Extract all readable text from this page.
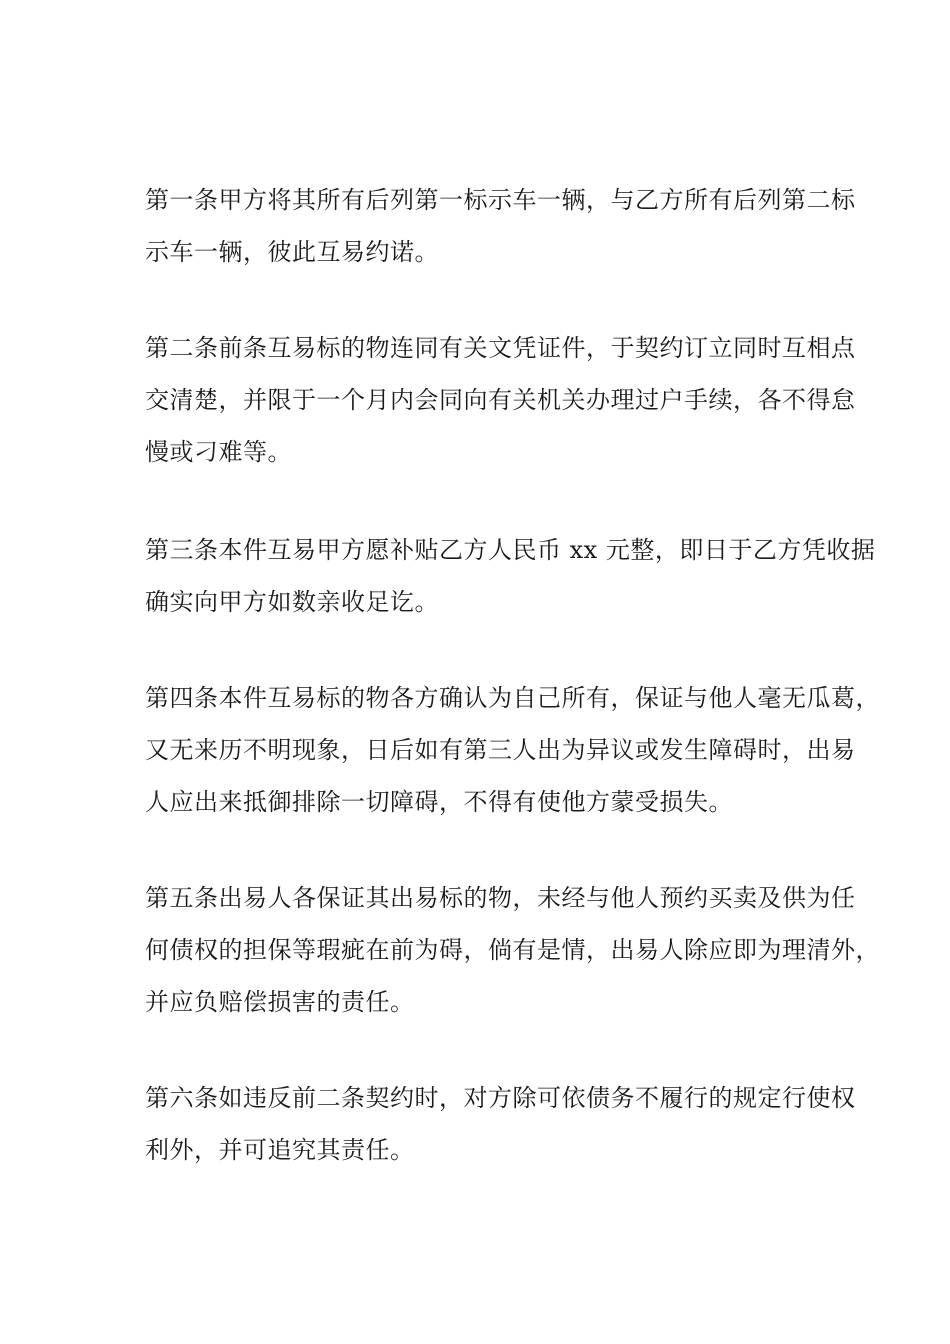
第一条甲方将其所有后列第一标示车一辆，与乙方所有后列第二标
示车一辆，彼此互易约诺。

第二条前条互易标的物连同有关文凭证件，于契约订立同时互相点
交清楚，并限于一个月内会同向有关机关办理过户手续，各不得怠
慢或刁难等。

第三条本件互易甲方愿补贴乙方人民币 xx 元整，即日于乙方凭收据
确实向甲方如数亲收足讫。

第四条本件互易标的物各方确认为自己所有，保证与他人毫无瓜葛，
又无来历不明现象，日后如有第三人出为异议或发生障碍时，出易
人应出来抵御排除一切障碍，不得有使他方蒙受损失。

第五条出易人各保证其出易标的物，未经与他人预约买卖及供为任
何债权的担保等瑕疵在前为碍，倘有是情，出易人除应即为理清外，
并应负赔偿损害的责任。

第六条如违反前二条契约时，对方除可依债务不履行的规定行使权
利外，并可追究其责任。
